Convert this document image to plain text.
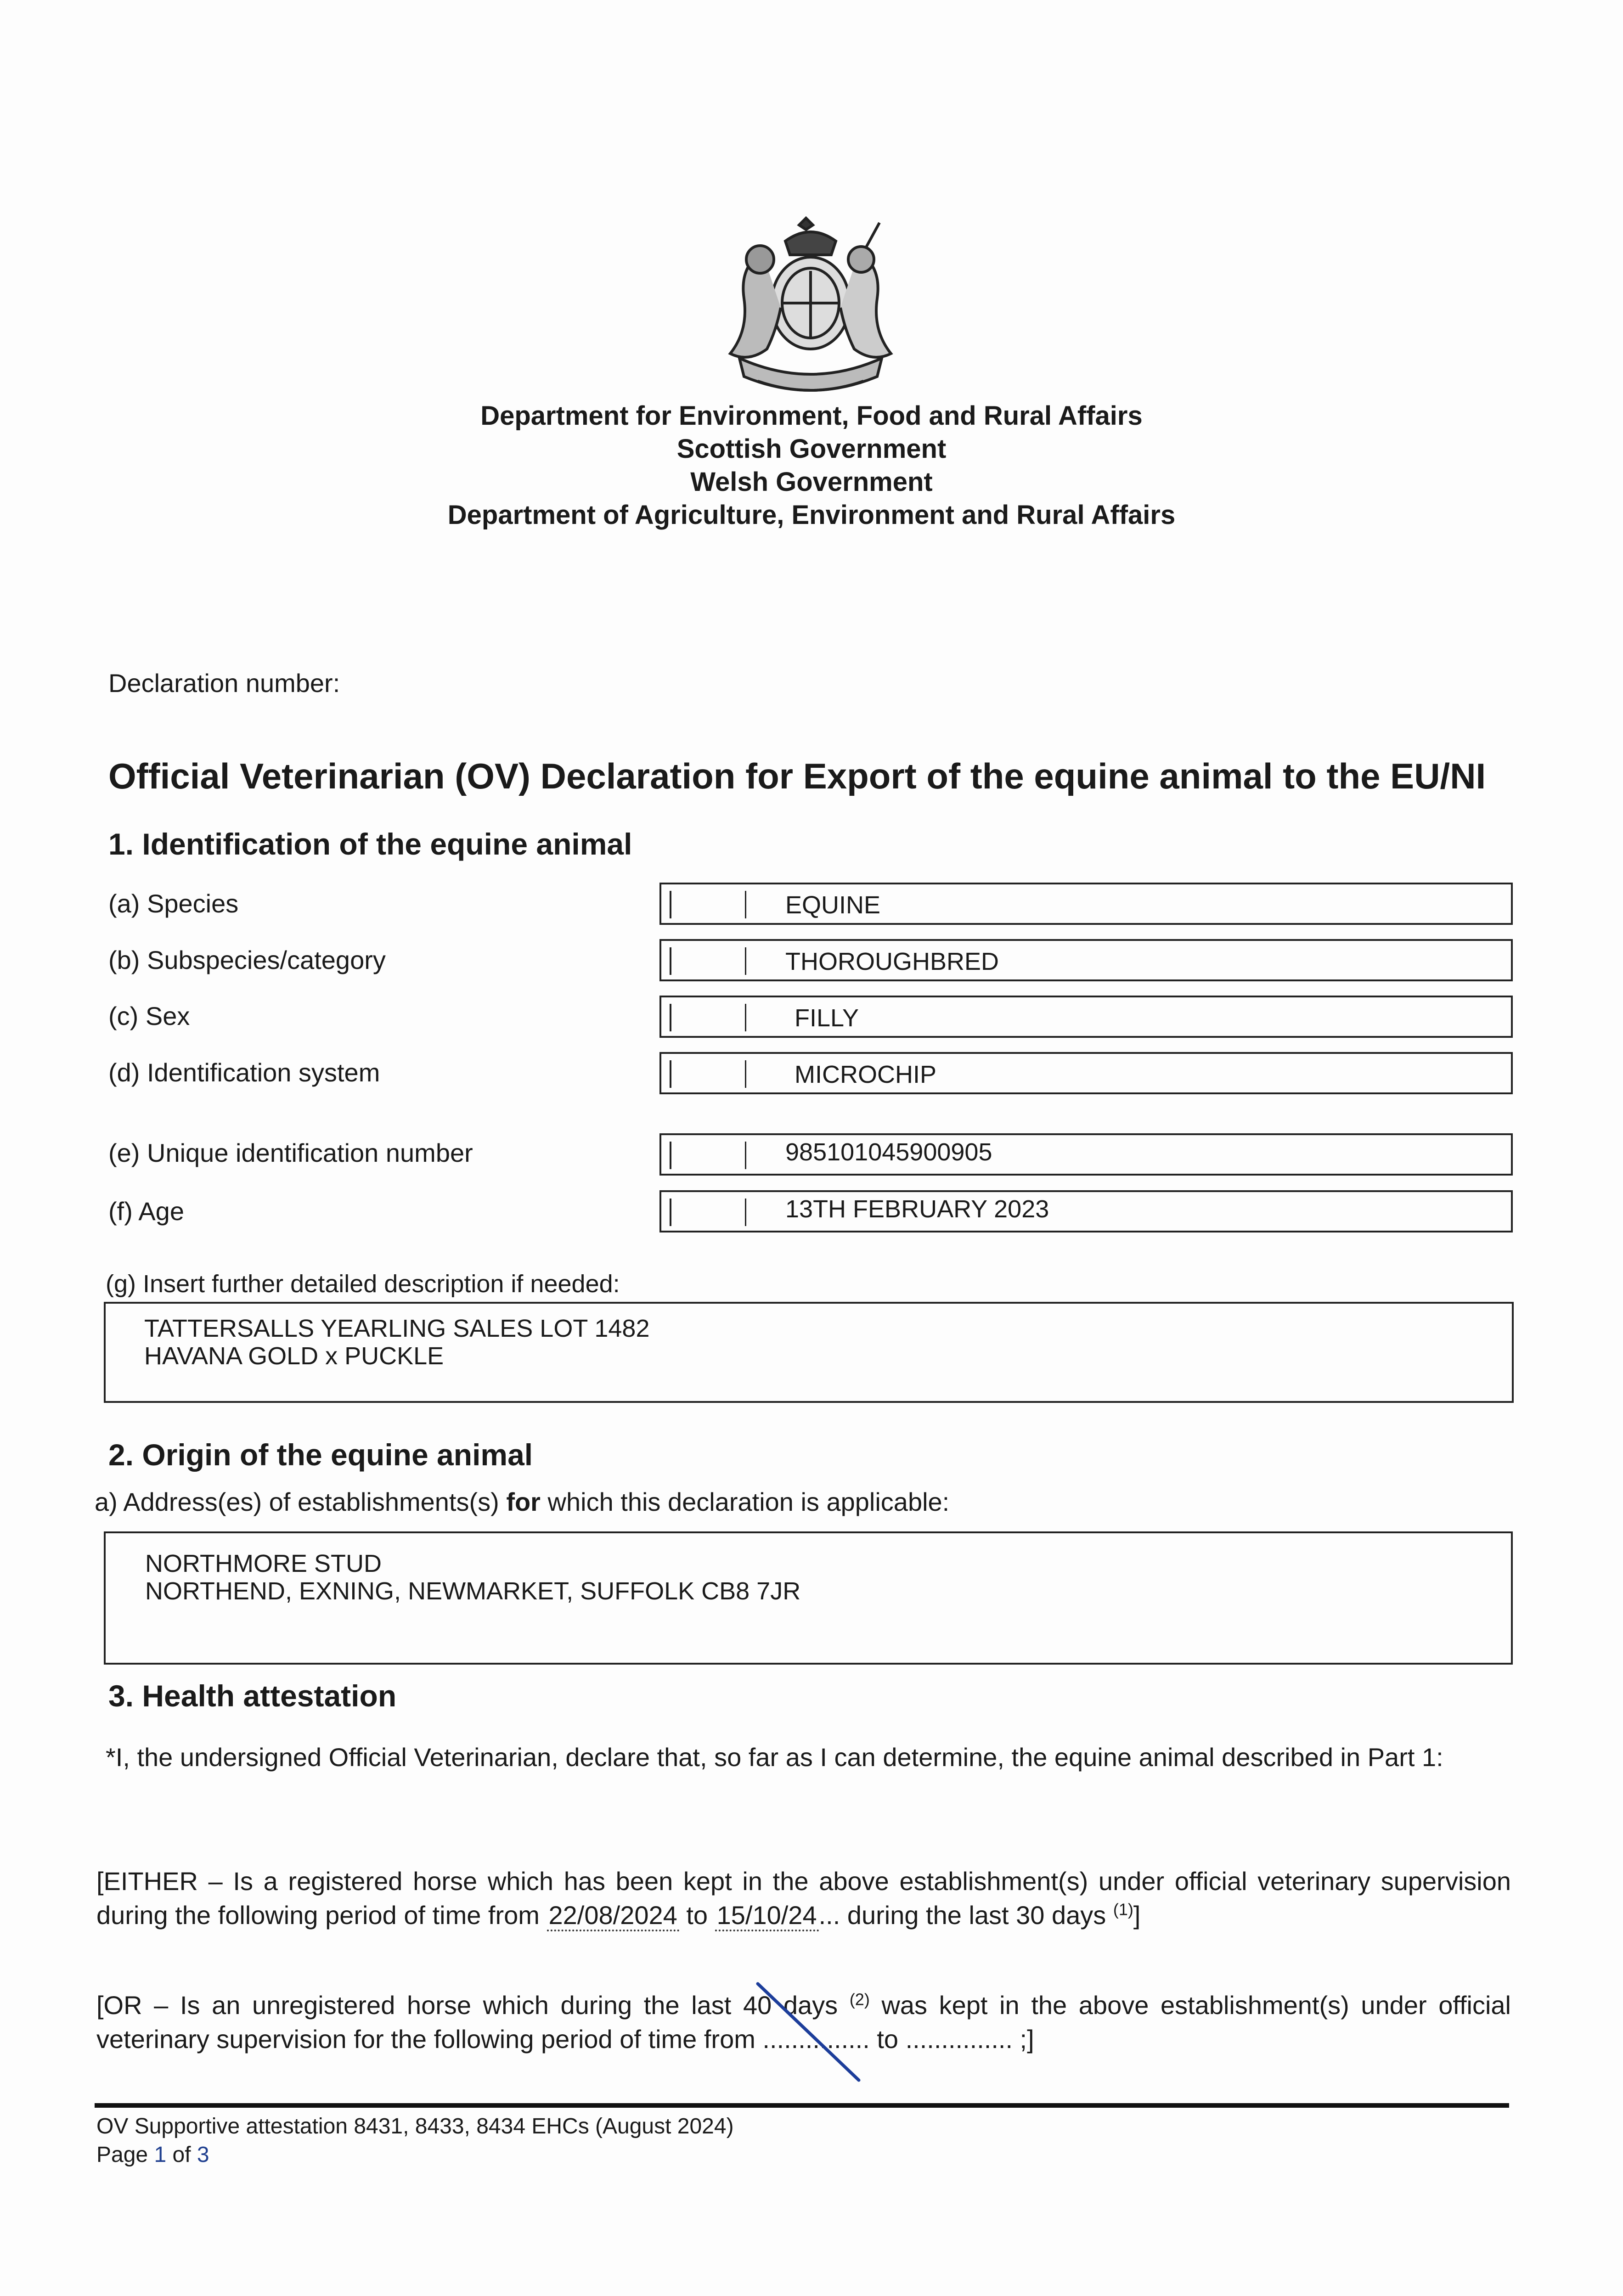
Department for Environment, Food and Rural Affairs
Scottish Government
Welsh Government
Department of Agriculture, Environment and Rural Affairs
Declaration number:
Official Veterinarian (OV) Declaration for Export of the equine animal to the EU/NI
1. Identification of the equine animal
(a) Species	EQUINE
(b) Subspecies/category	THOROUGHBRED
(c) Sex	FILLY
(d) Identification system	MICROCHIP
(e) Unique identification number	985101045900905
(f) Age	13TH FEBRUARY 2023
(g) Insert further detailed description if needed:
TATTERSALLS YEARLING SALES LOT 1482
HAVANA GOLD x PUCKLE
2. Origin of the equine animal
a) Address(es) of establishments(s) for which this declaration is applicable:
NORTHMORE STUD
NORTHEND, EXNING, NEWMARKET, SUFFOLK CB8 7JR
3. Health attestation
*I, the undersigned Official Veterinarian, declare that, so far as I can determine, the equine animal described in Part 1:
[EITHER – Is a registered horse which has been kept in the above establishment(s) under official veterinary supervision during the following period of time from 22/08/2024 to 15/10/24... during the last 30 days $^{(1)}$]
[OR – Is an unregistered horse which during the last 40 days $^{(2)}$ was kept in the above establishment(s) under official veterinary supervision for the following period of time from ............... to ............... ;]
OV Supportive attestation 8431, 8433, 8434 EHCs (August 2024)
Page 1 of 3
